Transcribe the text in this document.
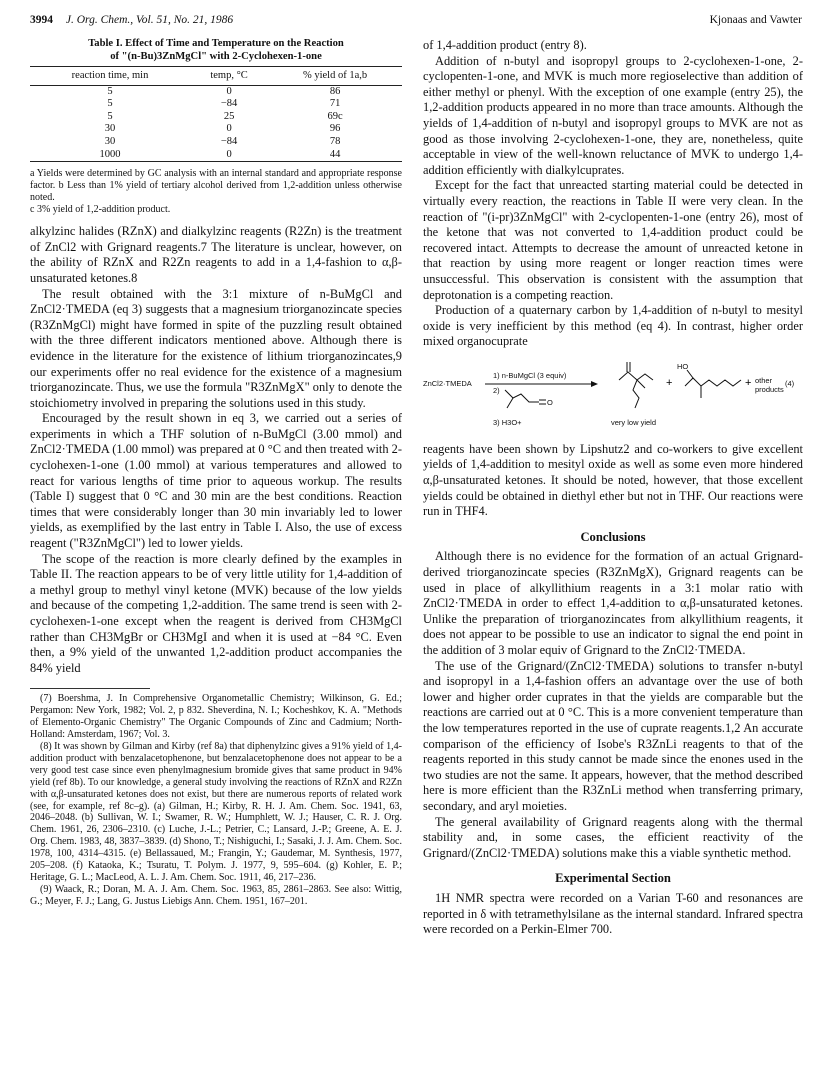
3994 J. Org. Chem., Vol. 51, No. 21, 1986	Kjonaas and Vawter
Table I. Effect of Time and Temperature on the Reaction
of "(n-Bu)3ZnMgCl" with 2-Cyclohexen-1-one
reaction time, min	temp, °C	% yield of 1a,b
5	0	86
5	−84	71
5	25	69c
30	0	96
30	−84	78
1000	0	44
a Yields were determined by GC analysis with an internal standard and appropriate response factor. b Less than 1% yield of tertiary alcohol derived from 1,2-addition unless otherwise noted.
c 3% yield of 1,2-addition product.

alkylzinc halides (RZnX) and dialkylzinc reagents (R2Zn) is the treatment of ZnCl2 with Grignard reagents.7 The literature is unclear, however, on the ability of RZnX and R2Zn reagents to add in a 1,4-fashion to α,β-unsaturated ketones.8

The result obtained with the 3:1 mixture of n-BuMgCl and ZnCl2·TMEDA (eq 3) suggests that a magnesium triorganozincate species (R3ZnMgCl) might have formed in spite of the puzzling result obtained with the three different indicators mentioned above. Although there is evidence in the literature for the existence of lithium triorganozincates,9 our experiments offer no real evidence for the existence of a magnesium triorganozincate. Thus, we use the formula "R3ZnMgX" only to denote the stoichiometry involved in preparing the solutions used in this study.

Encouraged by the result shown in eq 3, we carried out a series of experiments in which a THF solution of n-BuMgCl (3.00 mmol) and ZnCl2·TMEDA (1.00 mmol) was prepared at 0 °C and then treated with 2-cyclohexen-1-one (1.00 mmol) at various temperatures and allowed to react for various lengths of time prior to aqueous workup. The results (Table I) suggest that 0 °C and 30 min are the best conditions. Reaction times that were considerably longer than 30 min invariably led to lower yields, as exemplified by the last entry in Table I. Also, the use of excess reagent ("R3ZnMgCl") led to lower yields.

The scope of the reaction is more clearly defined by the examples in Table II. The reaction appears to be of very little utility for 1,4-addition of a methyl group to methyl vinyl ketone (MVK) because of the low yields and because of the competing 1,2-addition. The same trend is seen with 2-cyclohexen-1-one except when the reagent is derived from CH3MgCl rather than CH3MgBr or CH3MgI and when it is used at −84 °C. Even then, a 9% yield of the unwanted 1,2-addition product accompanies the 84% yield

(7) Boershma, J. In Comprehensive Organometallic Chemistry; Wilkinson, G. Ed.; Pergamon: New York, 1982; Vol. 2, p 832. Sheverdina, N. I.; Kocheshkov, K. A. "Methods of Elemento-Organic Chemistry" The Organic Compounds of Zinc and Cadmium; North-Holland: Amsterdam, 1967; Vol. 3.

(8) It was shown by Gilman and Kirby (ref 8a) that diphenylzinc gives a 91% yield of 1,4-addition product with benzalacetophenone, but benzalacetophenone does not appear to be a very good test case since even phenylmagnesium bromide gives that same product in 94% yield (ref 8b). To our knowledge, a general study involving the reactions of RZnX and R2Zn with α,β-unsaturated ketones does not exist, but there are numerous reports of related work (see, for example, ref 8c–g). (a) Gilman, H.; Kirby, R. H. J. Am. Chem. Soc. 1941, 63, 2046–2048. (b) Sullivan, W. I.; Swamer, R. W.; Humphlett, W. J.; Hauser, C. R. J. Org. Chem. 1961, 26, 2306–2310. (c) Luche, J.-L.; Petrier, C.; Lansard, J.-P.; Greene, A. E. J. Org. Chem. 1983, 48, 3837–3839. (d) Shono, T.; Nishiguchi, I.; Sasaki, J. J. Am. Chem. Soc. 1978, 100, 4314–4315. (e) Bellassaued, M.; Frangin, Y.; Gaudemar, M. Synthesis, 1977, 205–208. (f) Kataoka, K.; Tsuratu, T. Polym. J. 1977, 9, 595–604. (g) Kohler, E. P.; Heritage, G. L.; MacLeod, A. L. J. Am. Chem. Soc. 1911, 46, 217–236.

(9) Waack, R.; Doran, M. A. J. Am. Chem. Soc. 1963, 85, 2861–2863. See also: Wittig, G.; Meyer, F. J.; Lang, G. Justus Liebigs Ann. Chem. 1951, 167–201.

of 1,4-addition product (entry 8).

Addition of n-butyl and isopropyl groups to 2-cyclohexen-1-one, 2-cyclopenten-1-one, and MVK is much more regioselective than addition of either methyl or phenyl. With the exception of one example (entry 25), the 1,2-addition products appeared in no more than trace amounts. Although the yields of 1,4-addition of n-butyl and isopropyl groups to MVK are not as good as those involving 2-cyclohexen-1-one, they are, nonetheless, quite acceptable in view of the well-known reluctance of MVK to undergo 1,4-addition efficiently with dialkylcuprates.

Except for the fact that unreacted starting material could be detected in virtually every reaction, the reactions in Table II were very clean. In the reaction of "(i-pr)3ZnMgCl" with 2-cyclopenten-1-one (entry 26), most of the ketone that was not converted to 1,4-addition product could be recovered intact. Attempts to decrease the amount of unreacted ketone in that reaction by using more reagent or longer reaction times were unsuccessful. This observation is consistent with the assumption that deprotonation is a competing reaction.

Production of a quaternary carbon by 1,4-addition of n-butyl to mesityl oxide is very inefficient by this method (eq 4). In contrast, higher order mixed organocuprate

+	+
ZnCl2·TMEDA
1) n-BuMgCl (3 equiv)
2)
O
3) H3O+	very low yield
HO
other products
(4)

reagents have been shown by Lipshutz2 and co-workers to give excellent yields of 1,4-addition to mesityl oxide as well as some even more hindered α,β-unsaturated ketones. It should be noted, however, that those excellent yields could be obtained in diethyl ether but not in THF. Our reactions were run in THF4.

Conclusions

Although there is no evidence for the formation of an actual Grignard-derived triorganozincate species (R3ZnMgX), Grignard reagents can be used in place of alkyllithium reagents in a 3:1 molar ratio with ZnCl2·TMEDA in order to effect 1,4-addition to α,β-unsaturated ketones. Unlike the preparation of triorganozincates from alkyllithium reagents, it does not appear to be possible to use an indicator to signal the end point in the addition of 3 molar equiv of Grignard to the ZnCl2·TMEDA.

The use of the Grignard/(ZnCl2·TMEDA) solutions to transfer n-butyl and isopropyl in a 1,4-fashion offers an advantage over the use of both lower and higher order cuprates in that the yields are comparable but the reactions are carried out at 0 °C. This is a more convenient temperature than the low temperatures reported in the use of cuprate reagents.1,2 An accurate comparison of the efficiency of Isobe's R3ZnLi reagents to that of the reagents reported in this study cannot be made since the enones used in the two studies are not the same. It appears, however, that the method described here is more efficient than the R3ZnLi method when transferring primary, secondary, and aryl moieties.

The general availability of Grignard reagents along with the thermal stability and, in some cases, the efficient reactivity of the Grignard/(ZnCl2·TMEDA) solutions make this a viable synthetic method.

Experimental Section

1H NMR spectra were recorded on a Varian T-60 and resonances are reported in δ with tetramethylsilane as the internal standard. Infrared spectra were recorded on a Perkin-Elmer 700.
